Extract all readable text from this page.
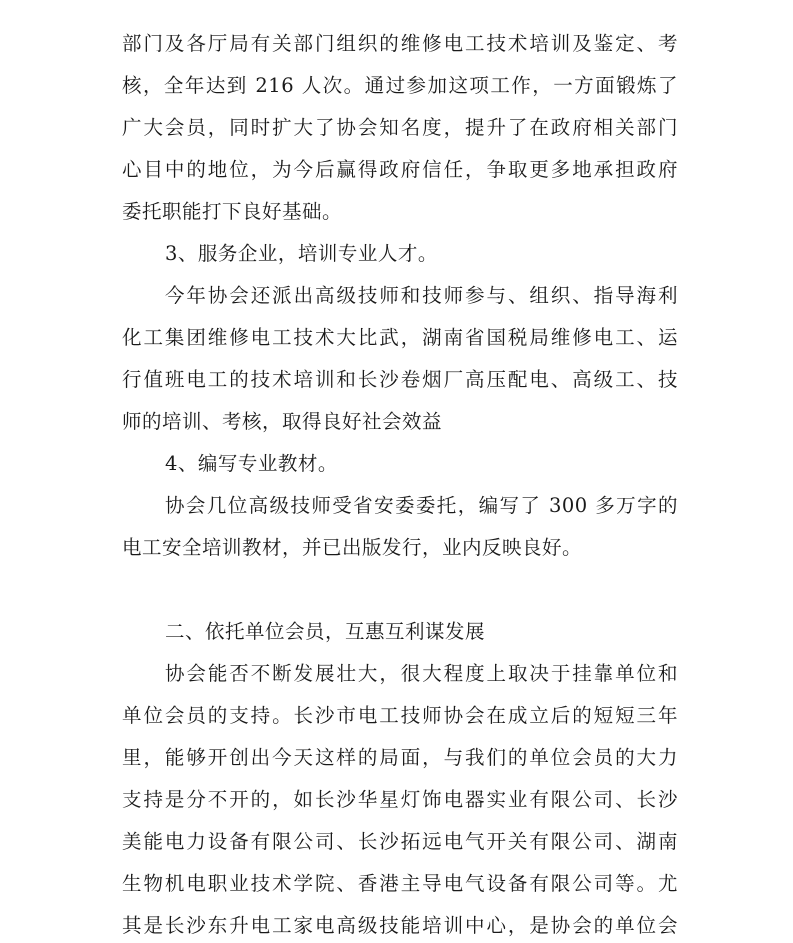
部门及各厅局有关部门组织的维修电工技术培训及鉴定、考
核，全年达到 216 人次。通过参加这项工作，一方面锻炼了
广大会员，同时扩大了协会知名度，提升了在政府相关部门
心目中的地位，为今后赢得政府信任，争取更多地承担政府
委托职能打下良好基础。
3、服务企业，培训专业人才。
今年协会还派出高级技师和技师参与、组织、指导海利
化工集团维修电工技术大比武，湖南省国税局维修电工、运
行值班电工的技术培训和长沙卷烟厂高压配电、高级工、技
师的培训、考核，取得良好社会效益
4、编写专业教材。
协会几位高级技师受省安委委托，编写了 300 多万字的
电工安全培训教材，并已出版发行，业内反映良好。
二、依托单位会员，互惠互利谋发展
协会能否不断发展壮大，很大程度上取决于挂靠单位和
单位会员的支持。长沙市电工技师协会在成立后的短短三年
里，能够开创出今天这样的局面，与我们的单位会员的大力
支持是分不开的，如长沙华星灯饰电器实业有限公司、长沙
美能电力设备有限公司、长沙拓远电气开关有限公司、湖南
生物机电职业技术学院、香港主导电气设备有限公司等。尤
其是长沙东升电工家电高级技能培训中心，是协会的单位会
